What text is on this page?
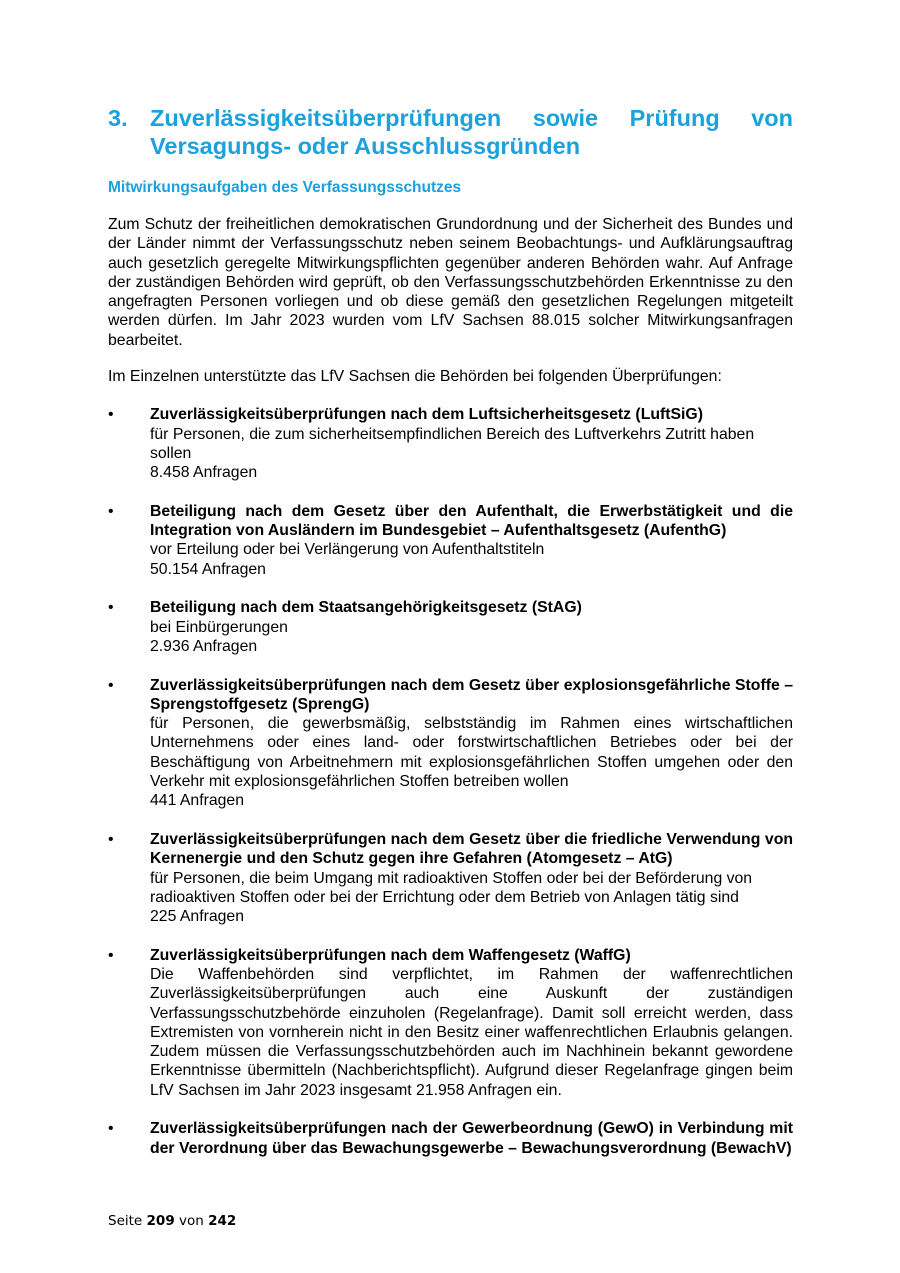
3. Zuverlässigkeitsüberprüfungen sowie Prüfung von Versagungs- oder Ausschlussgründen
Mitwirkungsaufgaben des Verfassungsschutzes

Zum Schutz der freiheitlichen demokratischen Grundordnung und der Sicherheit des Bundes und der Länder nimmt der Verfassungsschutz neben seinem Beobachtungs- und Aufklärungsauftrag auch gesetzlich geregelte Mitwirkungspflichten gegenüber anderen Behörden wahr. Auf Anfrage der zuständigen Behörden wird geprüft, ob den Verfassungsschutzbehörden Erkenntnisse zu den angefragten Personen vorliegen und ob diese gemäß den gesetzlichen Regelungen mitgeteilt werden dürfen. Im Jahr 2023 wurden vom LfV Sachsen 88.015 solcher Mitwirkungsanfragen bearbeitet.

Im Einzelnen unterstützte das LfV Sachsen die Behörden bei folgenden Überprüfungen:

•	Zuverlässigkeitsüberprüfungen nach dem Luftsicherheitsgesetz (LuftSiG)
für Personen, die zum sicherheitsempfindlichen Bereich des Luftverkehrs Zutritt haben sollen
8.458 Anfragen
•	Beteiligung nach dem Gesetz über den Aufenthalt, die Erwerbstätigkeit und die Integration von Ausländern im Bundesgebiet – Aufenthaltsgesetz (AufenthG)
vor Erteilung oder bei Verlängerung von Aufenthaltstiteln
50.154 Anfragen
•	Beteiligung nach dem Staatsangehörigkeitsgesetz (StAG)
bei Einbürgerungen
2.936 Anfragen
•	Zuverlässigkeitsüberprüfungen nach dem Gesetz über explosionsgefährliche Stoffe – Sprengstoffgesetz (SprengG)
für Personen, die gewerbsmäßig, selbstständig im Rahmen eines wirtschaftlichen Unternehmens oder eines land- oder forstwirtschaftlichen Betriebes oder bei der Beschäftigung von Arbeitnehmern mit explosionsgefährlichen Stoffen umgehen oder den Verkehr mit explosionsgefährlichen Stoffen betreiben wollen
441 Anfragen
•	Zuverlässigkeitsüberprüfungen nach dem Gesetz über die friedliche Verwendung von Kernenergie und den Schutz gegen ihre Gefahren (Atomgesetz – AtG)
für Personen, die beim Umgang mit radioaktiven Stoffen oder bei der Beförderung von radioaktiven Stoffen oder bei der Errichtung oder dem Betrieb von Anlagen tätig sind
225 Anfragen
•	Zuverlässigkeitsüberprüfungen nach dem Waffengesetz (WaffG)
Die Waffenbehörden sind verpflichtet, im Rahmen der waffenrechtlichen Zuverlässigkeitsüberprüfungen auch eine Auskunft der zuständigen Verfassungsschutzbehörde einzuholen (Regelanfrage). Damit soll erreicht werden, dass Extremisten von vornherein nicht in den Besitz einer waffenrechtlichen Erlaubnis gelangen. Zudem müssen die Verfassungsschutzbehörden auch im Nachhinein bekannt gewordene Erkenntnisse übermitteln (Nachberichtspflicht). Aufgrund dieser Regelanfrage gingen beim LfV Sachsen im Jahr 2023 insgesamt 21.958 Anfragen ein.
•	Zuverlässigkeitsüberprüfungen nach der Gewerbeordnung (GewO) in Verbindung mit der Verordnung über das Bewachungsgewerbe – Bewachungsverordnung (BewachV)
Seite 209 von 242
